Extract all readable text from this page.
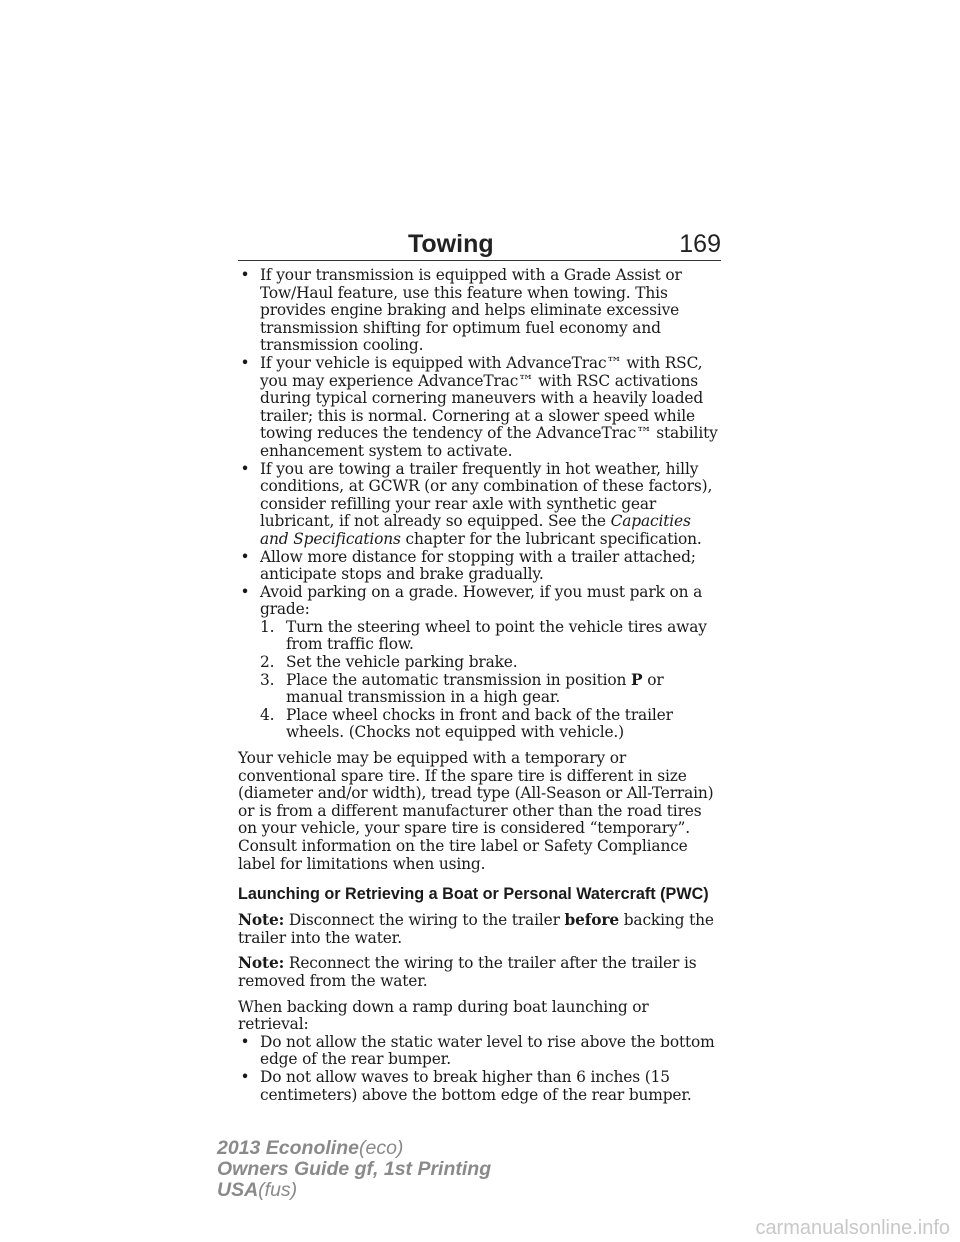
Towing	169
• If your transmission is equipped with a Grade Assist or Tow/Haul feature, use this feature when towing. This provides engine braking and helps eliminate excessive transmission shifting for optimum fuel economy and transmission cooling.
• If your vehicle is equipped with AdvanceTrac™ with RSC, you may experience AdvanceTrac™ with RSC activations during typical cornering maneuvers with a heavily loaded trailer; this is normal. Cornering at a slower speed while towing reduces the tendency of the AdvanceTrac™ stability enhancement system to activate.
• If you are towing a trailer frequently in hot weather, hilly conditions, at GCWR (or any combination of these factors), consider refilling your rear axle with synthetic gear lubricant, if not already so equipped. See the Capacities and Specifications chapter for the lubricant specification.
• Allow more distance for stopping with a trailer attached; anticipate stops and brake gradually.
• Avoid parking on a grade. However, if you must park on a grade:
1. Turn the steering wheel to point the vehicle tires away from traffic flow.
2. Set the vehicle parking brake.
3. Place the automatic transmission in position P or manual transmission in a high gear.
4. Place wheel chocks in front and back of the trailer wheels. (Chocks not equipped with vehicle.)
Your vehicle may be equipped with a temporary or conventional spare tire. If the spare tire is different in size (diameter and/or width), tread type (All-Season or All-Terrain) or is from a different manufacturer other than the road tires on your vehicle, your spare tire is considered “temporary”. Consult information on the tire label or Safety Compliance label for limitations when using.
Launching or Retrieving a Boat or Personal Watercraft (PWC)
Note: Disconnect the wiring to the trailer before backing the trailer into the water.
Note: Reconnect the wiring to the trailer after the trailer is removed from the water.
When backing down a ramp during boat launching or retrieval:
• Do not allow the static water level to rise above the bottom edge of the rear bumper.
• Do not allow waves to break higher than 6 inches (15 centimeters) above the bottom edge of the rear bumper.
2013 Econoline(eco)
Owners Guide gf, 1st Printing
USA(fus)
carmanualsonline.info
